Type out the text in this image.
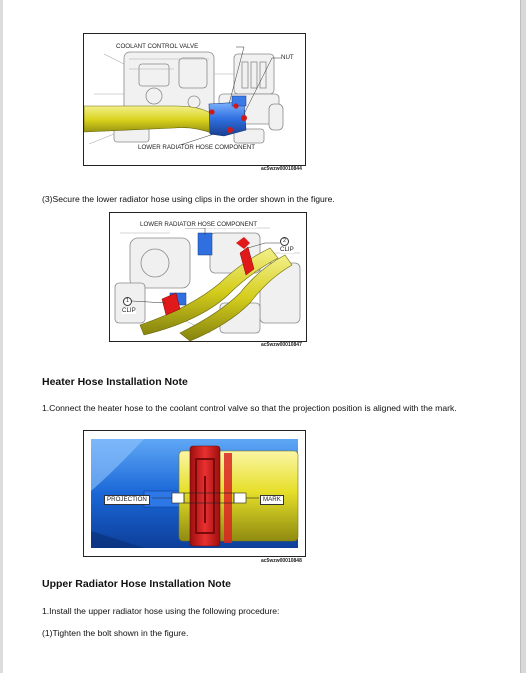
COOLANT CONTROL VALVE
NUT
LOWER RADIATOR HOSE COMPONENT
ac5wzw00010844
(3)Secure the lower radiator hose using clips in the order shown in the figure.
LOWER RADIATOR HOSE COMPONENT
2
CLIP
1
CLIP
ac5wzw00010847
Heater Hose Installation Note
1.Connect the heater hose to the coolant control valve so that the projection position is aligned with the mark.
PROJECTION	MARK
ac5wzw00010848
Upper Radiator Hose Installation Note
1.Install the upper radiator hose using the following procedure:
(1)Tighten the bolt shown in the figure.
